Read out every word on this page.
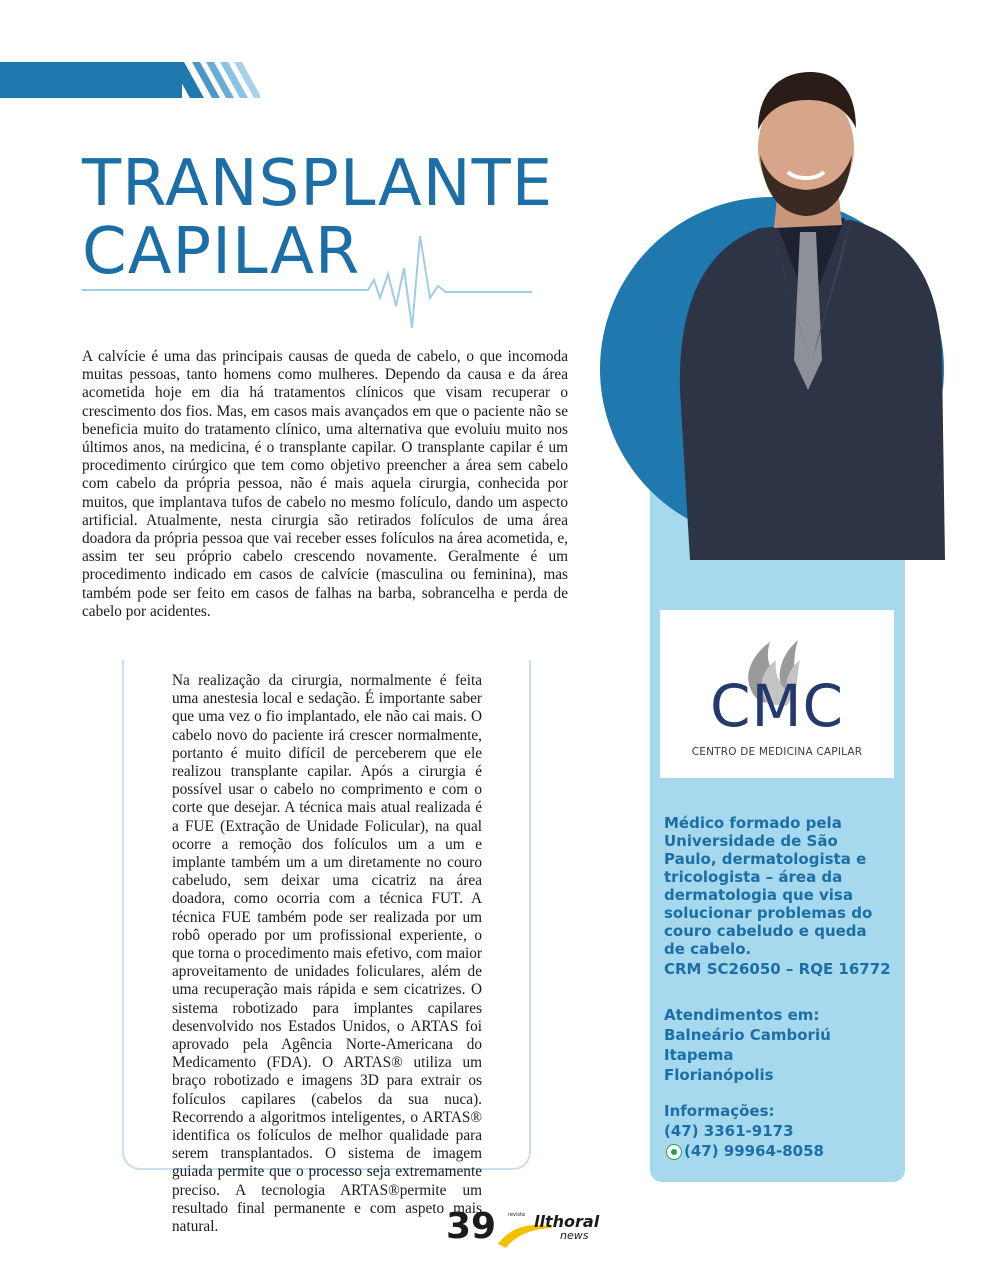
TRANSPLANTE
CAPILAR

A calvície é uma das principais causas de queda de cabelo, o que incomoda muitas pessoas, tanto homens como mulheres. Dependo da causa e da área acometida hoje em dia há tratamentos clínicos que visam recuperar o crescimento dos fios. Mas, em casos mais avançados em que o paciente não se beneficia muito do tratamento clínico, uma alternativa que evoluiu muito nos últimos anos, na medicina, é o transplante capilar. O transplante capilar é um procedimento cirúrgico que tem como objetivo preencher a área sem cabelo com cabelo da própria pessoa, não é mais aquela cirurgia, conhecida por muitos, que implantava tufos de cabelo no mesmo folículo, dando um aspecto artificial. Atualmente, nesta cirurgia são retirados folículos de uma área doadora da própria pessoa que vai receber esses folículos na área acometida, e, assim ter seu próprio cabelo crescendo novamente. Geralmente é um procedimento indicado em casos de calvície (masculina ou feminina), mas também pode ser feito em casos de falhas na barba, sobrancelha e perda de cabelo por acidentes.

Na realização da cirurgia, normalmente é feita uma anestesia local e sedação. É importante saber que uma vez o fio implantado, ele não cai mais. O cabelo novo do paciente irá crescer normalmente, portanto é muito difícil de perceberem que ele realizou transplante capilar. Após a cirurgia é possível usar o cabelo no comprimento e com o corte que desejar. A técnica mais atual realizada é a FUE (Extração de Unidade Folicular), na qual ocorre a remoção dos folículos um a um e implante também um a um diretamente no couro cabeludo, sem deixar uma cicatriz na área doadora, como ocorria com a técnica FUT. A técnica FUE também pode ser realizada por um robô operado por um profissional experiente, o que torna o procedimento mais efetivo, com maior aproveitamento de unidades foliculares, além de uma recuperação mais rápida e sem cicatrizes. O sistema robotizado para implantes capilares desenvolvido nos Estados Unidos, o ARTAS foi aprovado pela Agência Norte-Americana do Medicamento (FDA). O ARTAS® utiliza um braço robotizado e imagens 3D para extrair os folículos capilares (cabelos da sua nuca). Recorrendo a algoritmos inteligentes, o ARTAS® identifica os folículos de melhor qualidade para serem transplantados. O sistema de imagem guiada permite que o processo seja extremamente preciso. A tecnologia ARTAS®permite um resultado final permanente e com aspeto mais natural.

CMC
CENTRO DE MEDICINA CAPILAR

Médico formado pela Universidade de São Paulo, dermatologista e tricologista – área da dermatologia que visa solucionar problemas do couro cabeludo e queda de cabelo.

CRM SC26050 – RQE 16772

Atendimentos em:

Balneário Camboriú

Itapema

Florianópolis

Informações:

(47) 3361-9173

(47) 99964-8058

39 revista llthoral
news
